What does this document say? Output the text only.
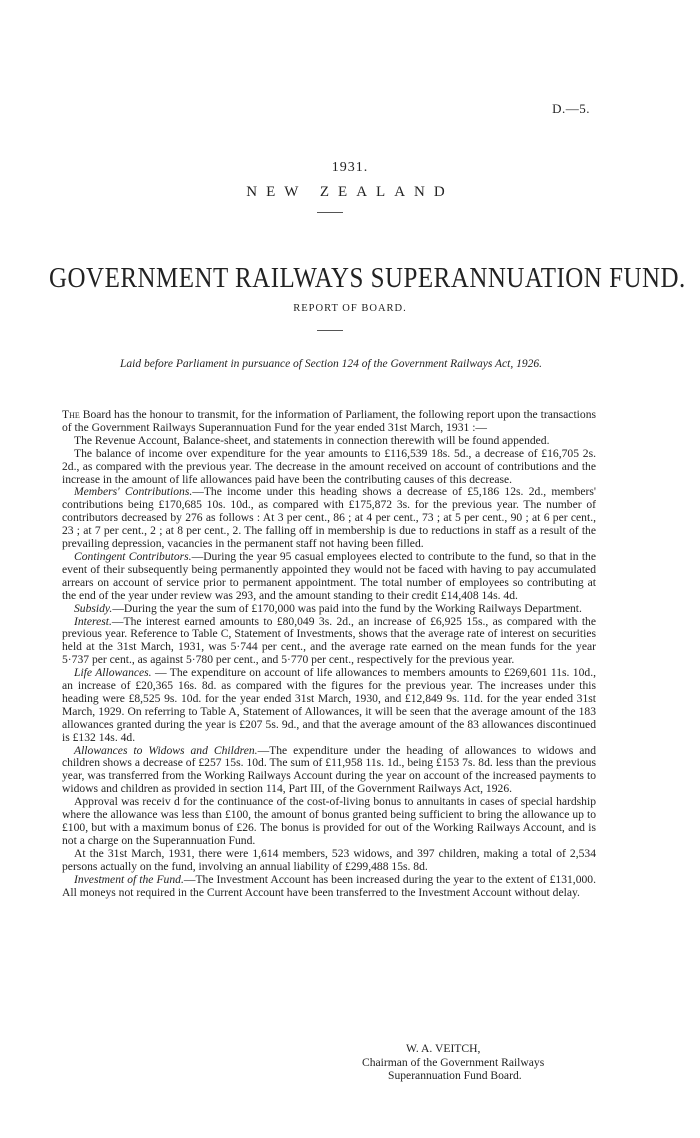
D.—5.
1931.
NEW ZEALAND
GOVERNMENT RAILWAYS SUPERANNUATION FUND.
REPORT OF BOARD.
Laid before Parliament in pursuance of Section 124 of the Government Railways Act, 1926.

The Board has the honour to transmit, for the information of Parliament, the following report upon the transactions of the Government Railways Superannuation Fund for the year ended 31st March, 1931 :—

The Revenue Account, Balance-sheet, and statements in connection therewith will be found appended.

The balance of income over expenditure for the year amounts to £116,539 18s. 5d., a decrease of £16,705 2s. 2d., as compared with the previous year. The decrease in the amount received on account of contributions and the increase in the amount of life allowances paid have been the contributing causes of this decrease.

Members' Contributions.—The income under this heading shows a decrease of £5,186 12s. 2d., members' contributions being £170,685 10s. 10d., as compared with £175,872 3s. for the previous year. The number of contributors decreased by 276 as follows : At 3 per cent., 86 ; at 4 per cent., 73 ; at 5 per cent., 90 ; at 6 per cent., 23 ; at 7 per cent., 2 ; at 8 per cent., 2. The falling off in membership is due to reductions in staff as a result of the prevailing depression, vacancies in the permanent staff not having been filled.

Contingent Contributors.—During the year 95 casual employees elected to contribute to the fund, so that in the event of their subsequently being permanently appointed they would not be faced with having to pay accumulated arrears on account of service prior to permanent appointment. The total number of employees so contributing at the end of the year under review was 293, and the amount standing to their credit £14,408 14s. 4d.

Subsidy.—During the year the sum of £170,000 was paid into the fund by the Working Railways Department.

Interest.—The interest earned amounts to £80,049 3s. 2d., an increase of £6,925 15s., as compared with the previous year. Reference to Table C, Statement of Investments, shows that the average rate of interest on securities held at the 31st March, 1931, was 5·744 per cent., and the average rate earned on the mean funds for the year 5·737 per cent., as against 5·780 per cent., and 5·770 per cent., respectively for the previous year.

Life Allowances. — The expenditure on account of life allowances to members amounts to £269,601 11s. 10d., an increase of £20,365 16s. 8d. as compared with the figures for the previous year. The increases under this heading were £8,525 9s. 10d. for the year ended 31st March, 1930, and £12,849 9s. 11d. for the year ended 31st March, 1929. On referring to Table A, Statement of Allowances, it will be seen that the average amount of the 183 allowances granted during the year is £207 5s. 9d., and that the average amount of the 83 allowances discontinued is £132 14s. 4d.

Allowances to Widows and Children.—The expenditure under the heading of allowances to widows and children shows a decrease of £257 15s. 10d. The sum of £11,958 11s. 1d., being £153 7s. 8d. less than the previous year, was transferred from the Working Railways Account during the year on account of the increased payments to widows and children as provided in section 114, Part III, of the Government Railways Act, 1926.

Approval was receiv d for the continuance of the cost-of-living bonus to annuitants in cases of special hardship where the allowance was less than £100, the amount of bonus granted being sufficient to bring the allowance up to £100, but with a maximum bonus of £26. The bonus is provided for out of the Working Railways Account, and is not a charge on the Superannuation Fund.

At the 31st March, 1931, there were 1,614 members, 523 widows, and 397 children, making a total of 2,534 persons actually on the fund, involving an annual liability of £299,488 15s. 8d.

Investment of the Fund.—The Investment Account has been increased during the year to the extent of £131,000. All moneys not required in the Current Account have been transferred to the Investment Account without delay.

W. A. VEITCH,
Chairman of the Government Railways
Superannuation Fund Board.
